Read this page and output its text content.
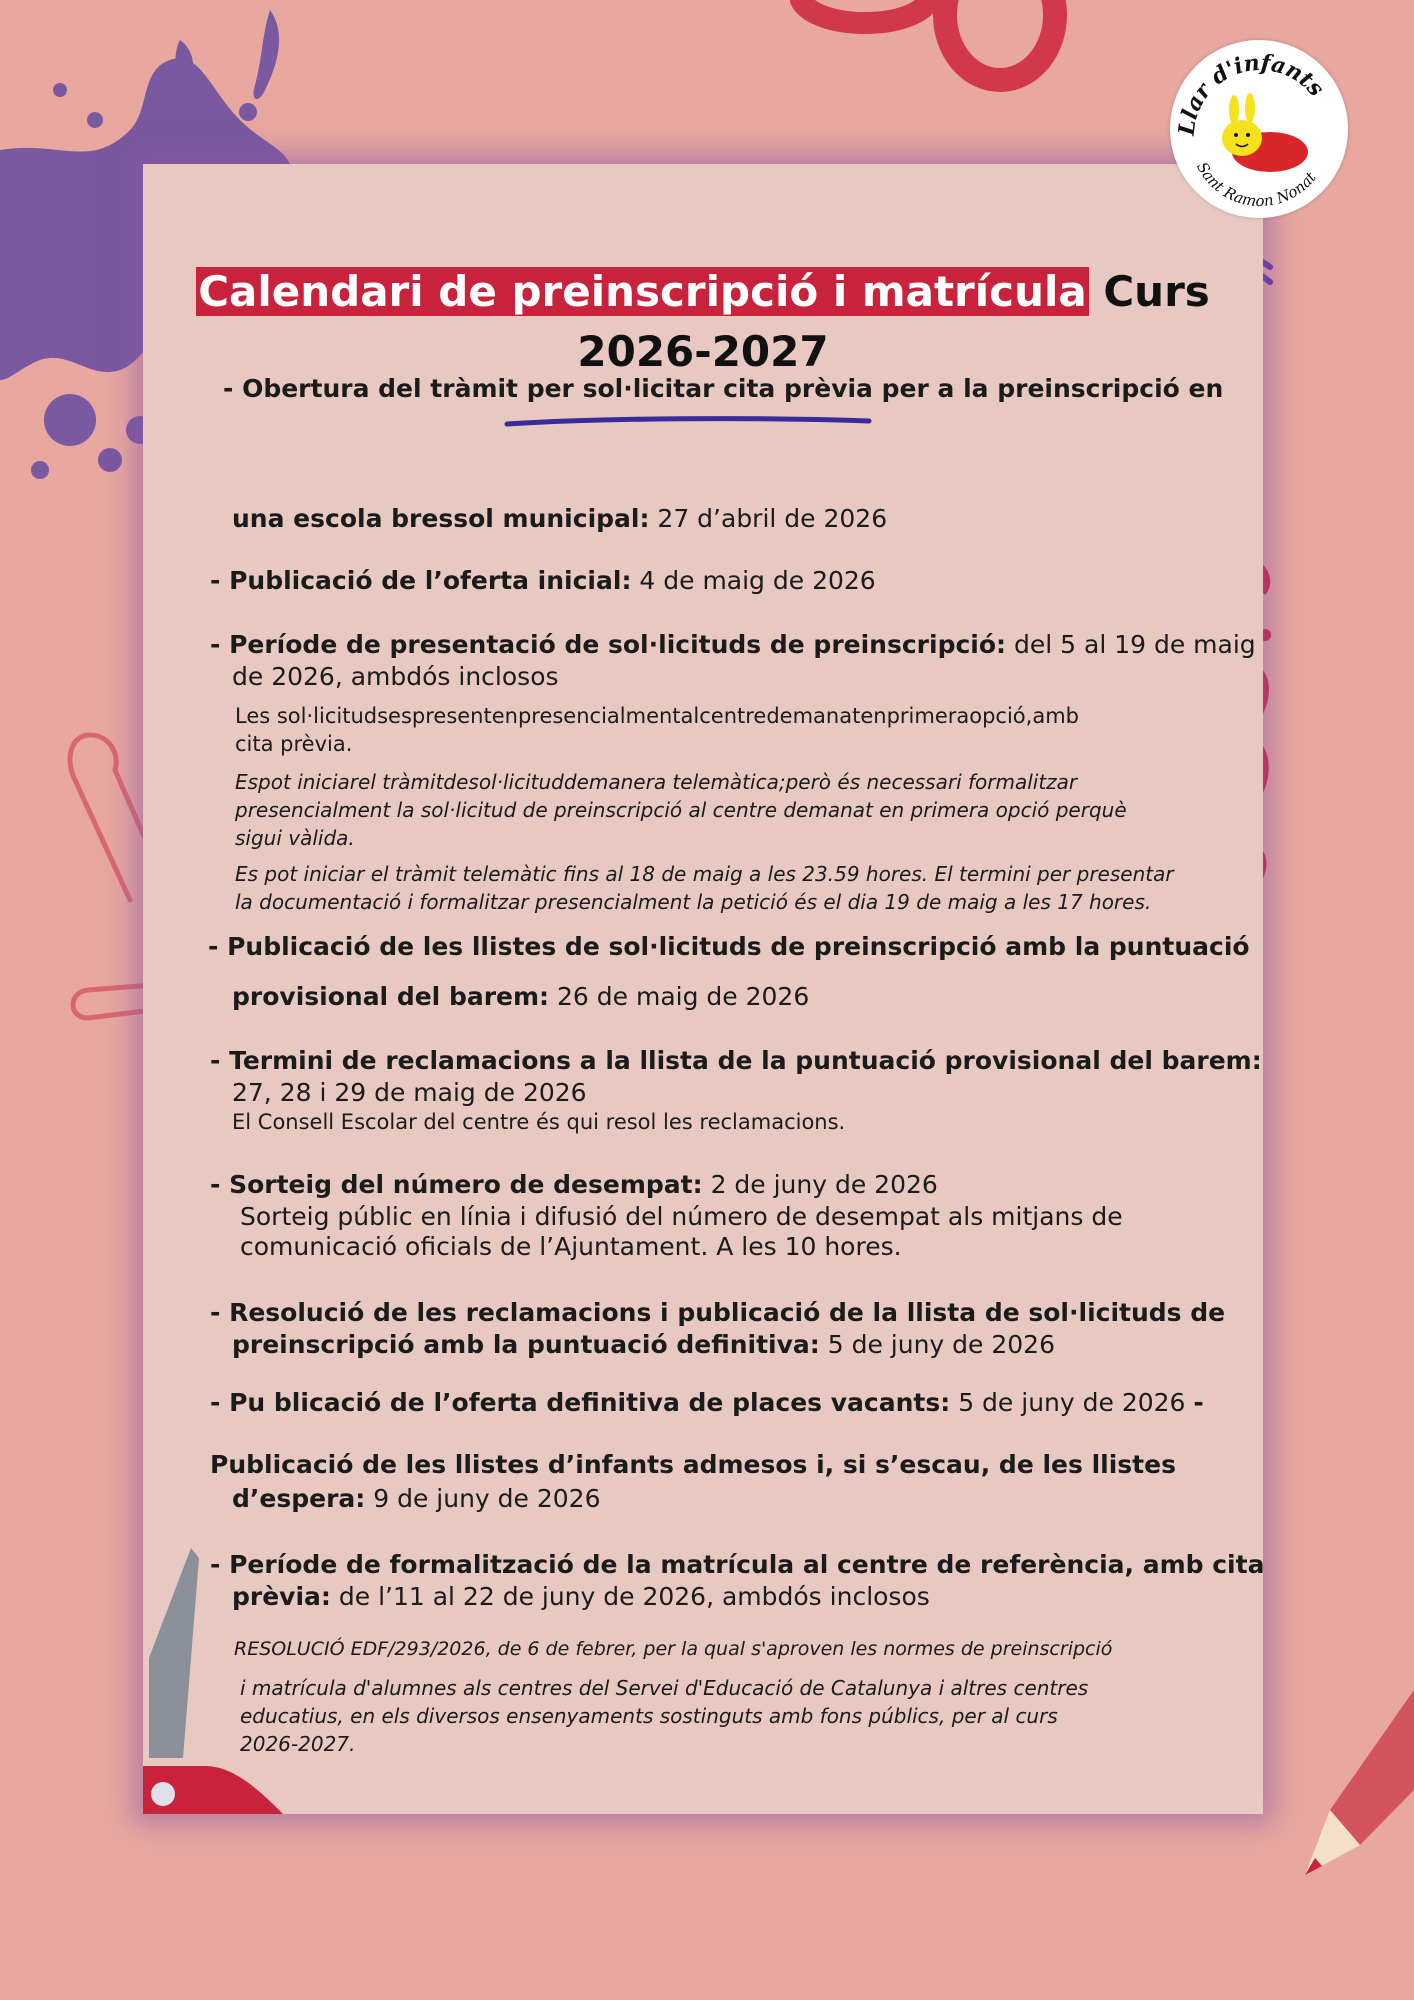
Calendari de preinscripció i matrícula Curs
2026-2027
- Obertura del tràmit per sol·licitar cita prèvia per a la preinscripció en

una escola bressol municipal: 27 d’abril de 2026

- Publicació de l’oferta inicial: 4 de maig de 2026

- Període de presentació de sol·licituds de preinscripció: del 5 al 19 de maig

de 2026, ambdós inclosos

Les sol·licitudsespresentenpresencialmentalcentredemanatenprimeraopció,amb

cita prèvia.

Espot iniciarel tràmitdesol·licituddemanera telemàtica;però és necessari formalitzar

presencialment la sol·licitud de preinscripció al centre demanat en primera opció perquè

sigui vàlida.

Es pot iniciar el tràmit telemàtic fins al 18 de maig a les 23.59 hores. El termini per presentar

la documentació i formalitzar presencialment la petició és el dia 19 de maig a les 17 hores.

- Publicació de les llistes de sol·licituds de preinscripció amb la puntuació

provisional del barem: 26 de maig de 2026

- Termini de reclamacions a la llista de la puntuació provisional del barem:

27, 28 i 29 de maig de 2026

El Consell Escolar del centre és qui resol les reclamacions.

- Sorteig del número de desempat: 2 de juny de 2026

Sorteig públic en línia i difusió del número de desempat als mitjans de

comunicació oficials de l’Ajuntament. A les 10 hores.

- Resolució de les reclamacions i publicació de la llista de sol·licituds de

preinscripció amb la puntuació definitiva: 5 de juny de 2026

- Pu blicació de l’oferta definitiva de places vacants: 5 de juny de 2026 -

Publicació de les llistes d’infants admesos i, si s’escau, de les llistes

d’espera: 9 de juny de 2026

- Període de formalització de la matrícula al centre de referència, amb cita

prèvia: de l’11 al 22 de juny de 2026, ambdós inclosos

RESOLUCIÓ EDF/293/2026, de 6 de febrer, per la qual s'aproven les normes de preinscripció

i matrícula d'alumnes als centres del Servei d'Educació de Catalunya i altres centres

educatius, en els diversos ensenyaments sostinguts amb fons públics, per al curs

2026-2027.

Llar d'infants
Sant Ramon Nonat
